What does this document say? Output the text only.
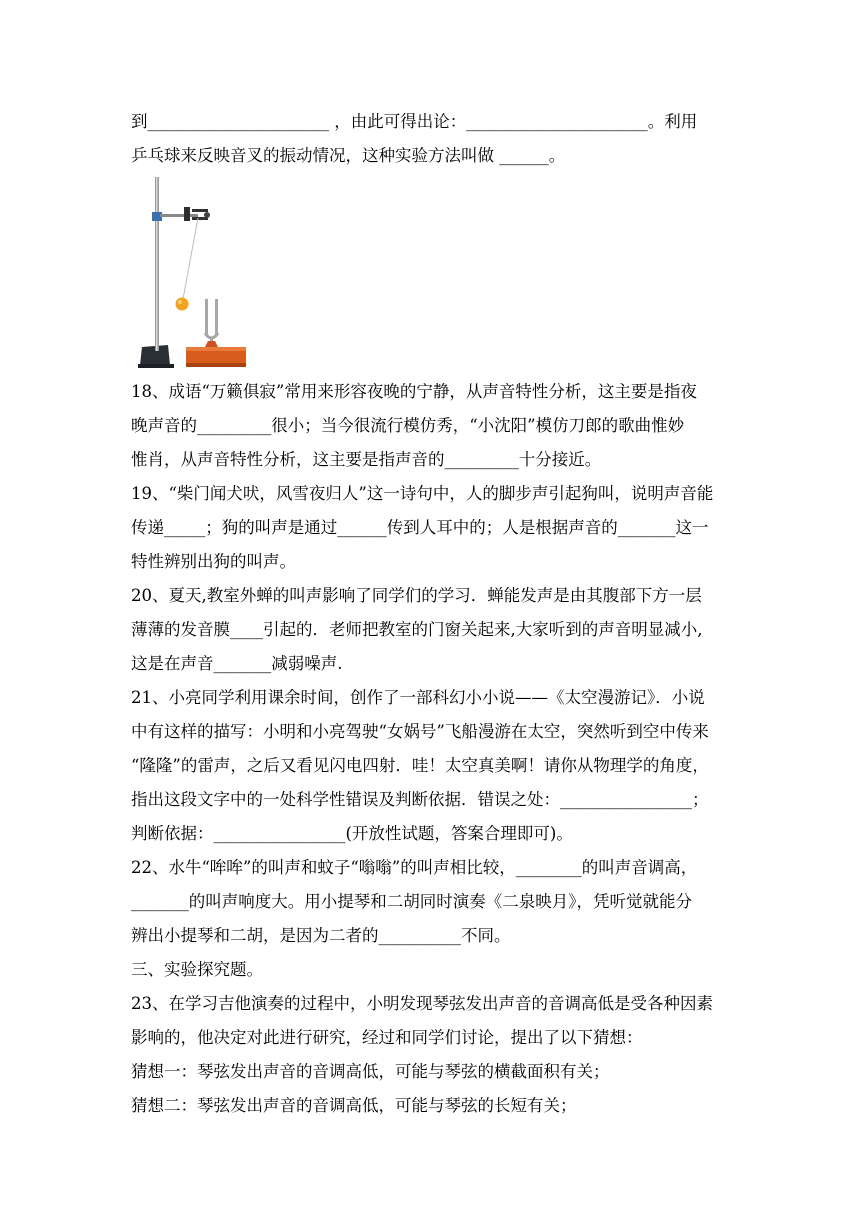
到______________________ ，由此可得出论：______________________。利用
乒乓球来反映音叉的振动情况，这种实验方法叫做 ______。
18、成语“万籁俱寂”常用来形容夜晚的宁静，从声音特性分析，这主要是指夜
晚声音的_________很小；当今很流行模仿秀，“小沈阳”模仿刀郎的歌曲惟妙
惟肖，从声音特性分析，这主要是指声音的_________十分接近。
19、“柴门闻犬吠，风雪夜归人”这一诗句中，人的脚步声引起狗叫，说明声音能
传递_____；狗的叫声是通过______传到人耳中的；人是根据声音的_______这一
特性辨别出狗的叫声。
20、夏天,教室外蝉的叫声影响了同学们的学习．蝉能发声是由其腹部下方一层
薄薄的发音膜____引起的．老师把教室的门窗关起来,大家听到的声音明显减小,
这是在声音_______减弱噪声.
21、小亮同学利用课余时间，创作了一部科幻小小说——《太空漫游记》．小说
中有这样的描写：小明和小亮驾驶“女娲号”飞船漫游在太空，突然听到空中传来
“隆隆”的雷声，之后又看见闪电四射．哇！太空真美啊！请你从物理学的角度，
指出这段文字中的一处科学性错误及判断依据．错误之处：________________；
判断依据：________________(开放性试题，答案合理即可)。
22、水牛“哞哞”的叫声和蚊子“嗡嗡”的叫声相比较，________的叫声音调高，
_______的叫声响度大。用小提琴和二胡同时演奏《二泉映月》，凭听觉就能分
辨出小提琴和二胡，是因为二者的__________不同。
三、实验探究题。
23、在学习吉他演奏的过程中，小明发现琴弦发出声音的音调高低是受各种因素
影响的，他决定对此进行研究，经过和同学们讨论，提出了以下猜想：
猜想一：琴弦发出声音的音调高低，可能与琴弦的横截面积有关；
猜想二：琴弦发出声音的音调高低，可能与琴弦的长短有关；
